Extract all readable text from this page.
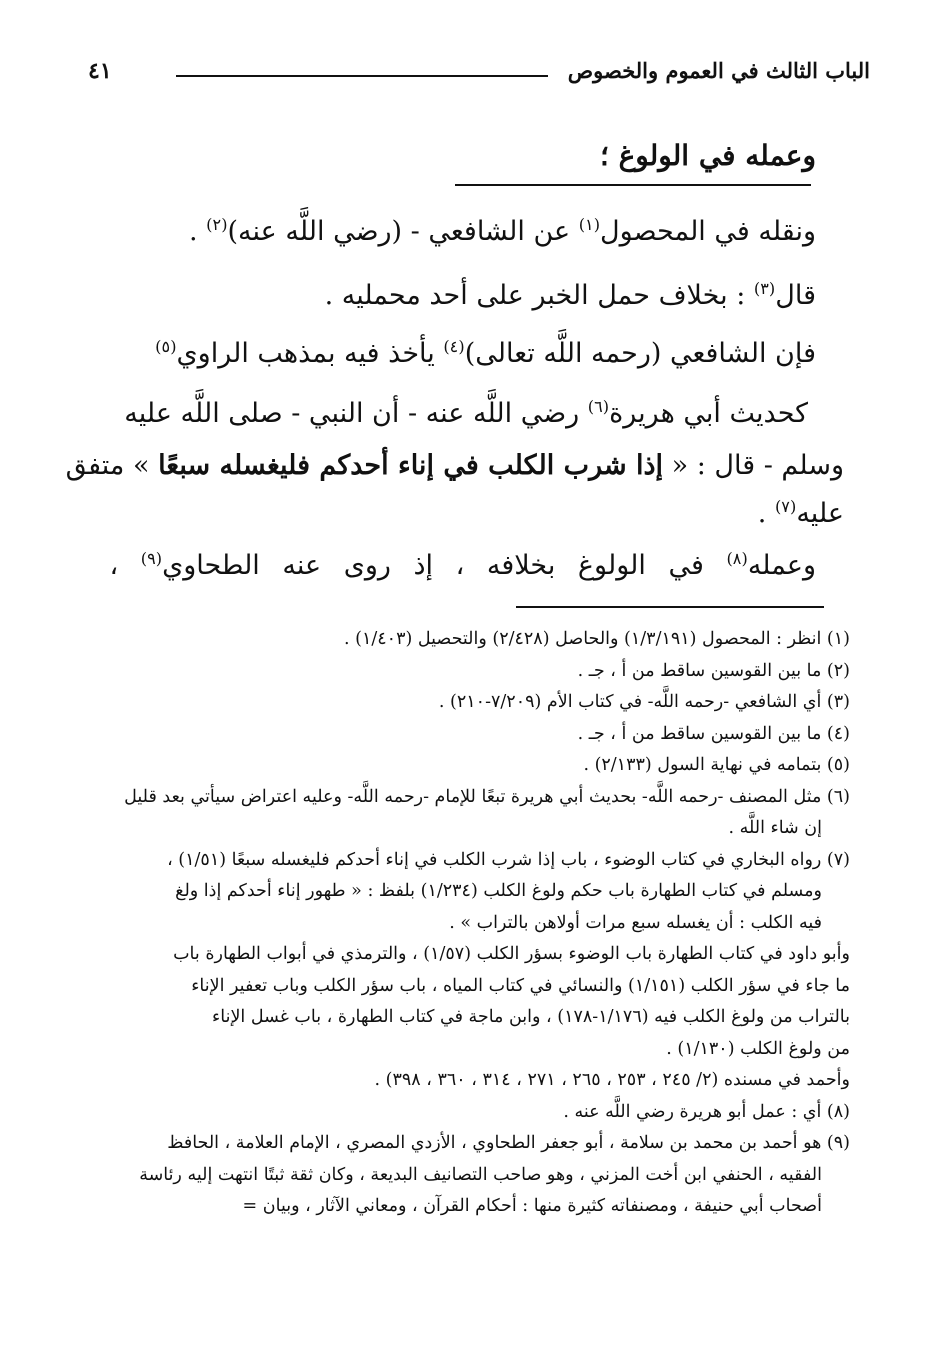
الباب الثالث في العموم والخصوص
٤١
وعمله في الولوغ ؛
ونقله في المحصول$^{(١)}$ عن الشافعي - (رضي اللَّه عنه)$^{(٢)}$ .
قال$^{(٣)}$ : بخلاف حمل الخبر على أحد محمليه .
فإن الشافعي (رحمه اللَّه تعالى)$^{(٤)}$ يأخذ فيه بمذهب الراوي$^{(٥)}$
كحديث أبي هريرة$^{(٦)}$ رضي اللَّه عنه - أن النبي - صلى اللَّه عليه
وسلم - قال : « إذا شرب الكلب في إناء أحدكم فليغسله سبعًا » متفق
عليه$^{(٧)}$ .
وعمله$^{(٨)}$ في الولوغ بخلافه ، إذ روى عنه الطحاوي$^{(٩)}$ ،
(١) انظر : المحصول (١/٣/١٩١) والحاصل (٢/٤٢٨) والتحصيل (١/٤٠٣) .
(٢) ما بين القوسين ساقط من أ ، جـ .
(٣) أي الشافعي -رحمه اللَّه- في كتاب الأم (٧/٢٠٩-٢١٠) .
(٤) ما بين القوسين ساقط من أ ، جـ .
(٥) بتمامه في نهاية السول (٢/١٣٣) .
(٦) مثل المصنف -رحمه اللَّه- بحديث أبي هريرة تبعًا للإمام -رحمه اللَّه- وعليه اعتراض سيأتي بعد قليل
إن شاء اللَّه .
(٧) رواه البخاري في كتاب الوضوء ، باب إذا شرب الكلب في إناء أحدكم فليغسله سبعًا (١/٥١) ،
ومسلم في كتاب الطهارة باب حكم ولوغ الكلب (١/٢٣٤) بلفظ : « طهور إناء أحدكم إذا ولغ
فيه الكلب : أن يغسله سبع مرات أولاهن بالتراب » .
وأبو داود في كتاب الطهارة باب الوضوء بسؤر الكلب (١/٥٧) ، والترمذي في أبواب الطهارة باب
ما جاء في سؤر الكلب (١/١٥١) والنسائي في كتاب المياه ، باب سؤر الكلب وباب تعفير الإناء
بالتراب من ولوغ الكلب فيه (١/١٧٦-١٧٨) ، وابن ماجة في كتاب الطهارة ، باب غسل الإناء
من ولوغ الكلب (١/١٣٠) .
وأحمد في مسنده (٢/ ٢٤٥ ، ٢٥٣ ، ٢٦٥ ، ٢٧١ ، ٣١٤ ، ٣٦٠ ، ٣٩٨) .
(٨) أي : عمل أبو هريرة رضي اللَّه عنه .
(٩) هو أحمد بن محمد بن سلامة ، أبو جعفر الطحاوي ، الأزدي المصري ، الإمام العلامة ، الحافظ
الفقيه ، الحنفي ابن أخت المزني ، وهو صاحب التصانيف البديعة ، وكان ثقة ثبتًا انتهت إليه رئاسة
أصحاب أبي حنيفة ، ومصنفاته كثيرة منها : أحكام القرآن ، ومعاني الآثار ، وبيان =
